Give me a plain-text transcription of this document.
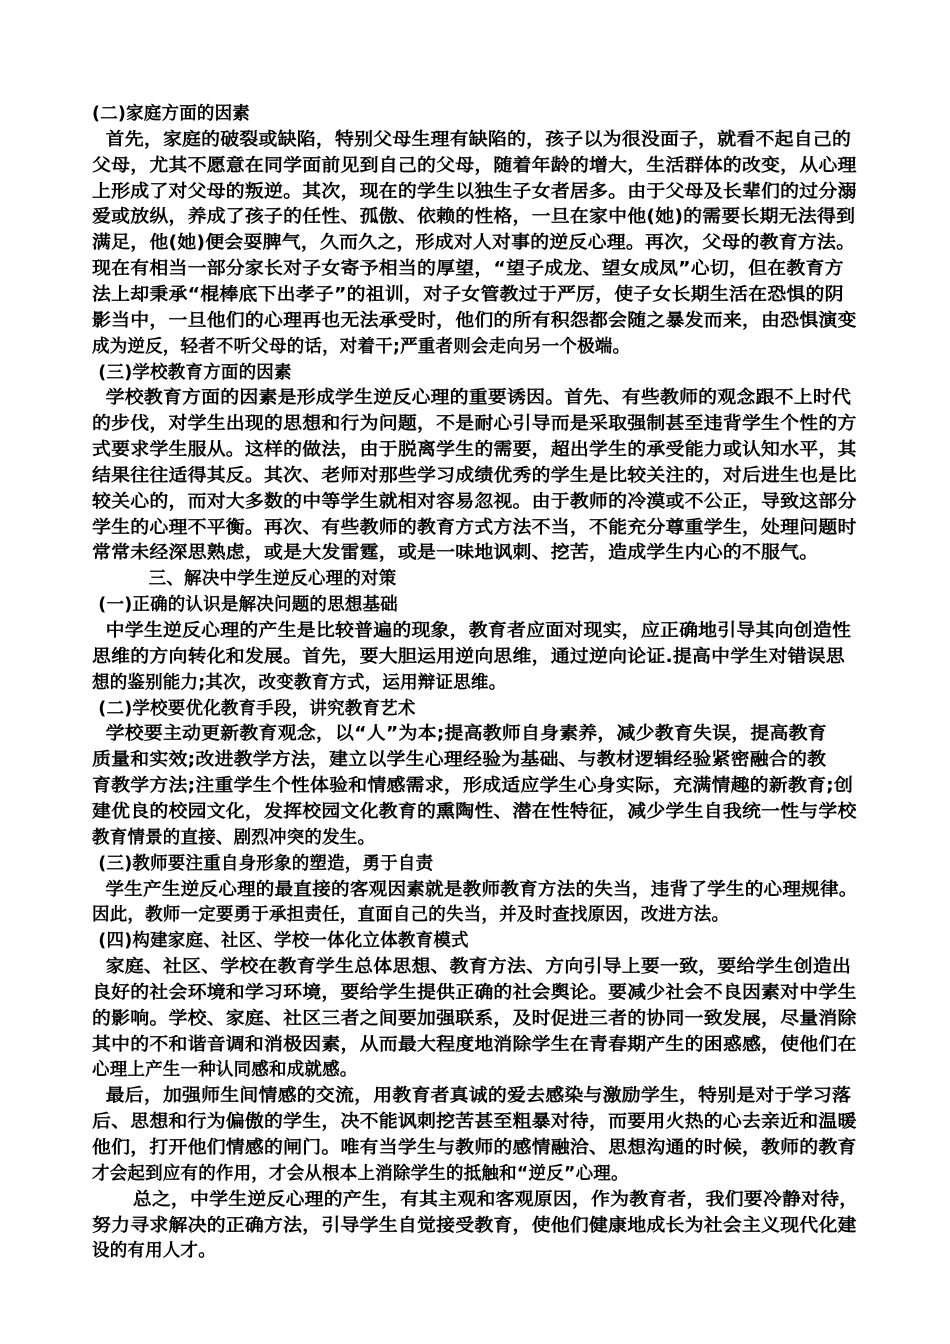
(二)家庭方面的因素
首先，家庭的破裂或缺陷，特别父母生理有缺陷的，孩子以为很没面子，就看不起自己的
父母，尤其不愿意在同学面前见到自己的父母，随着年龄的增大，生活群体的改变，从心理
上形成了对父母的叛逆。其次，现在的学生以独生子女者居多。由于父母及长辈们的过分溺
爱或放纵，养成了孩子的任性、孤傲、依赖的性格，一旦在家中他(她)的需要长期无法得到
满足，他(她)便会耍脾气，久而久之，形成对人对事的逆反心理。再次，父母的教育方法。
现在有相当一部分家长对子女寄予相当的厚望，“望子成龙、望女成凤”心切，但在教育方
法上却秉承“棍棒底下出孝子”的祖训，对子女管教过于严厉，使子女长期生活在恐惧的阴
影当中，一旦他们的心理再也无法承受时，他们的所有积怨都会随之暴发而来，由恐惧演变
成为逆反，轻者不听父母的话，对着干;严重者则会走向另一个极端。
(三)学校教育方面的因素
学校教育方面的因素是形成学生逆反心理的重要诱因。首先、有些教师的观念跟不上时代
的步伐，对学生出现的思想和行为问题，不是耐心引导而是采取强制甚至违背学生个性的方
式要求学生服从。这样的做法，由于脱离学生的需要，超出学生的承受能力或认知水平，其
结果往往适得其反。其次、老师对那些学习成绩优秀的学生是比较关注的，对后进生也是比
较关心的，而对大多数的中等学生就相对容易忽视。由于教师的冷漠或不公正，导致这部分
学生的心理不平衡。再次、有些教师的教育方式方法不当，不能充分尊重学生，处理问题时
常常未经深思熟虑，或是大发雷霆，或是一味地讽刺、挖苦，造成学生内心的不服气。
三、解决中学生逆反心理的对策
(一)正确的认识是解决问题的思想基础
中学生逆反心理的产生是比较普遍的现象，教育者应面对现实，应正确地引导其向创造性
思维的方向转化和发展。首先，要大胆运用逆向思维，通过逆向论证.提高中学生对错误思
想的鉴别能力;其次，改变教育方式，运用辩证思维。
(二)学校要优化教育手段，讲究教育艺术
学校要主动更新教育观念，以“人”为本;提高教师自身素养，减少教育失误，提高教育
质量和实效;改进教学方法，建立以学生心理经验为基础、与教材逻辑经验紧密融合的教
育教学方法;注重学生个性体验和情感需求，形成适应学生心身实际，充满情趣的新教育;创
建优良的校园文化，发挥校园文化教育的熏陶性、潜在性特征，减少学生自我统一性与学校
教育情景的直接、剧烈冲突的发生。
(三)教师要注重自身形象的塑造，勇于自责
学生产生逆反心理的最直接的客观因素就是教师教育方法的失当，违背了学生的心理规律。
因此，教师一定要勇于承担责任，直面自己的失当，并及时查找原因，改进方法。
(四)构建家庭、社区、学校一体化立体教育模式
家庭、社区、学校在教育学生总体思想、教育方法、方向引导上要一致，要给学生创造出
良好的社会环境和学习环境，要给学生提供正确的社会舆论。要减少社会不良因素对中学生
的影响。学校、家庭、社区三者之间要加强联系，及时促进三者的协同一致发展，尽量消除
其中的不和谐音调和消极因素，从而最大程度地消除学生在青春期产生的困惑感，使他们在
心理上产生一种认同感和成就感。
最后，加强师生间情感的交流，用教育者真诚的爱去感染与激励学生，特别是对于学习落
后、思想和行为偏傲的学生，决不能讽刺挖苦甚至粗暴对待，而要用火热的心去亲近和温暖
他们，打开他们情感的闸门。唯有当学生与教师的感情融洽、思想沟通的时候，教师的教育
才会起到应有的作用，才会从根本上消除学生的抵触和“逆反”心理。
总之，中学生逆反心理的产生，有其主观和客观原因，作为教育者，我们要冷静对待，
努力寻求解决的正确方法，引导学生自觉接受教育，使他们健康地成长为社会主义现代化建
设的有用人才。
